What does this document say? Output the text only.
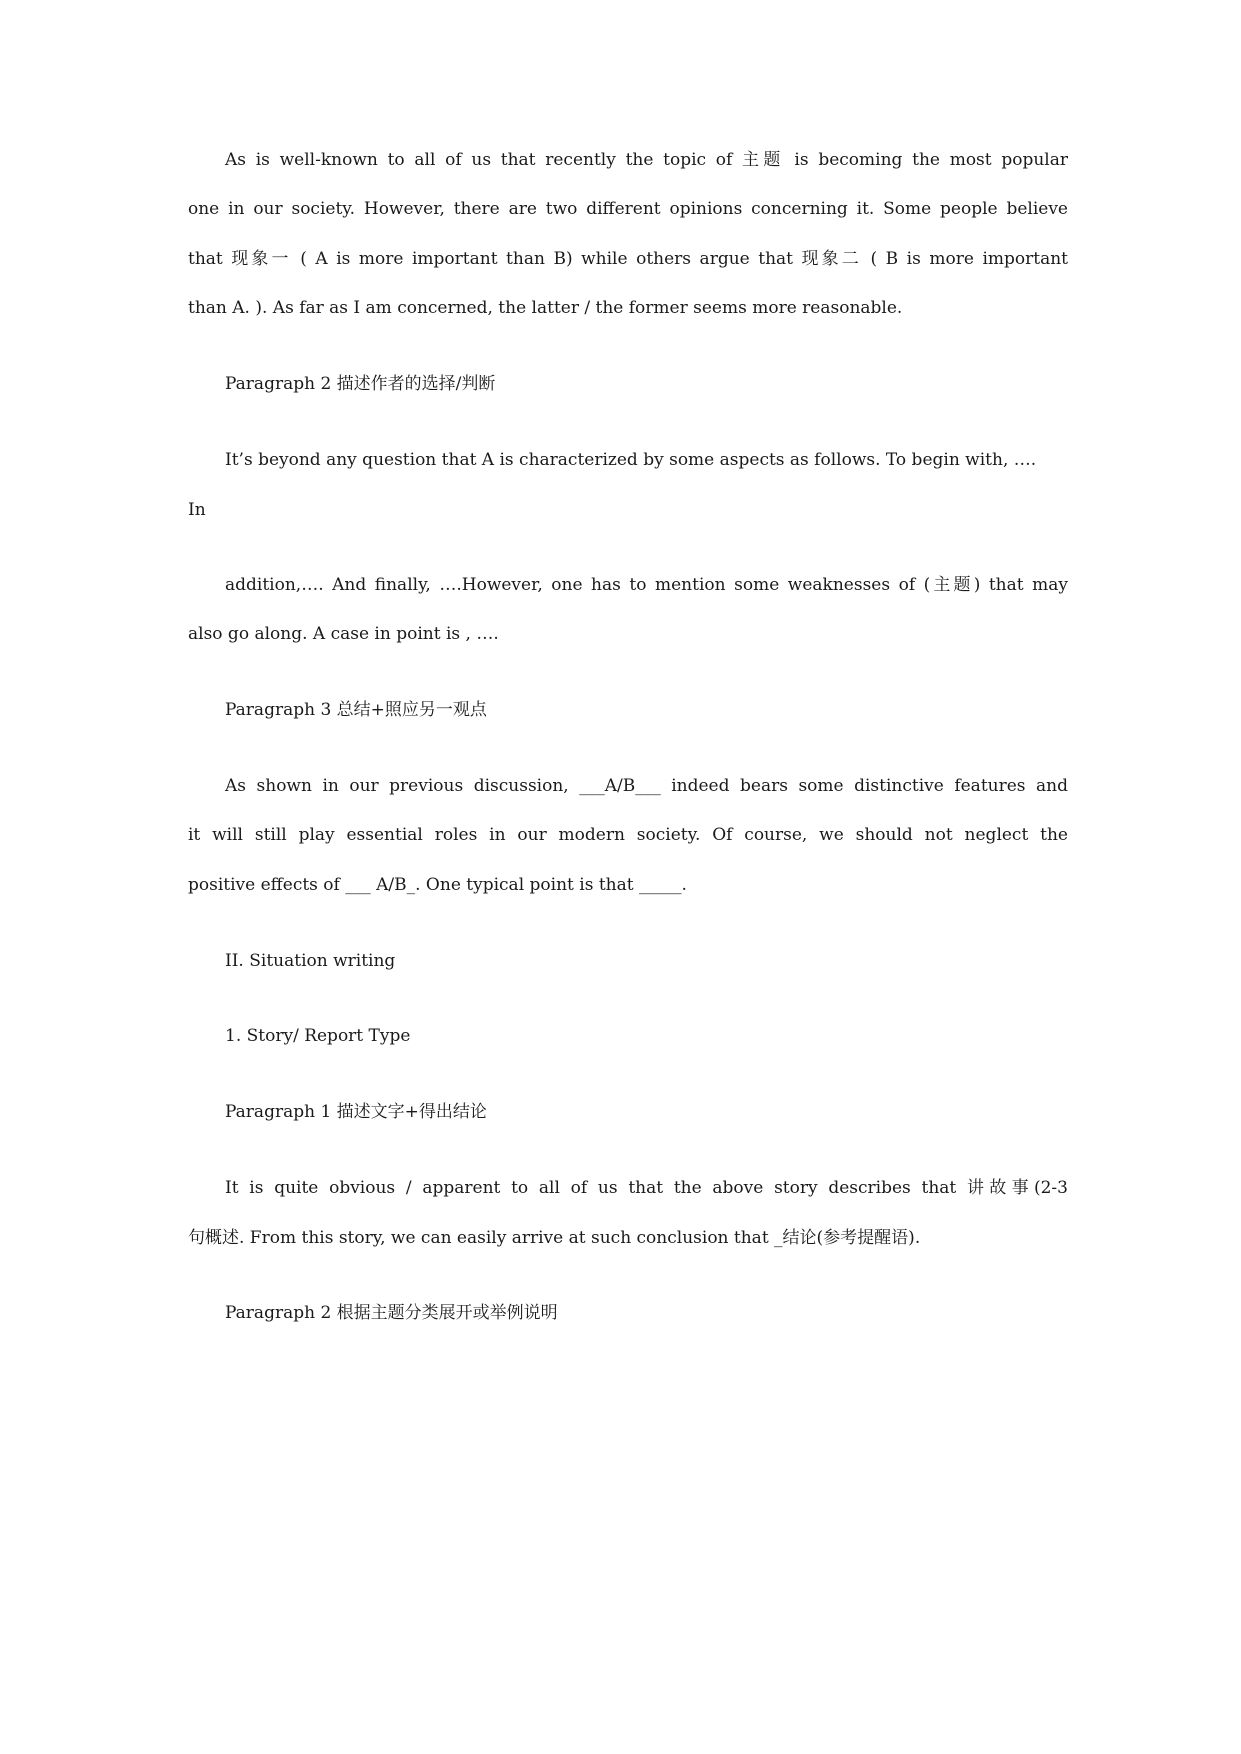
As is well-known to all of us that recently the topic of 主题 is becoming the most popular

one in our society. However, there are two different opinions concerning it. Some people believe

that 现象一 ( A is more important than B) while others argue that 现象二 ( B is more important

than A. ). As far as I am concerned, the latter / the former seems more reasonable.

Paragraph 2 描述作者的选择/判断

It’s beyond any question that A is characterized by some aspects as follows. To begin with, ….

In

addition,…. And finally, ….However, one has to mention some weaknesses of (主题) that may

also go along. A case in point is , ….

Paragraph 3 总结+照应另一观点

As shown in our previous discussion, ___A/B___ indeed bears some distinctive features and

it will still play essential roles in our modern society. Of course, we should not neglect the

positive effects of ___ A/B_. One typical point is that _____.

II. Situation writing

1. Story/ Report Type

Paragraph 1 描述文字+得出结论

It is quite obvious / apparent to all of us that the above story describes that 讲故事(2-3

句概述. From this story, we can easily arrive at such conclusion that _结论(参考提醒语).

Paragraph 2 根据主题分类展开或举例说明
